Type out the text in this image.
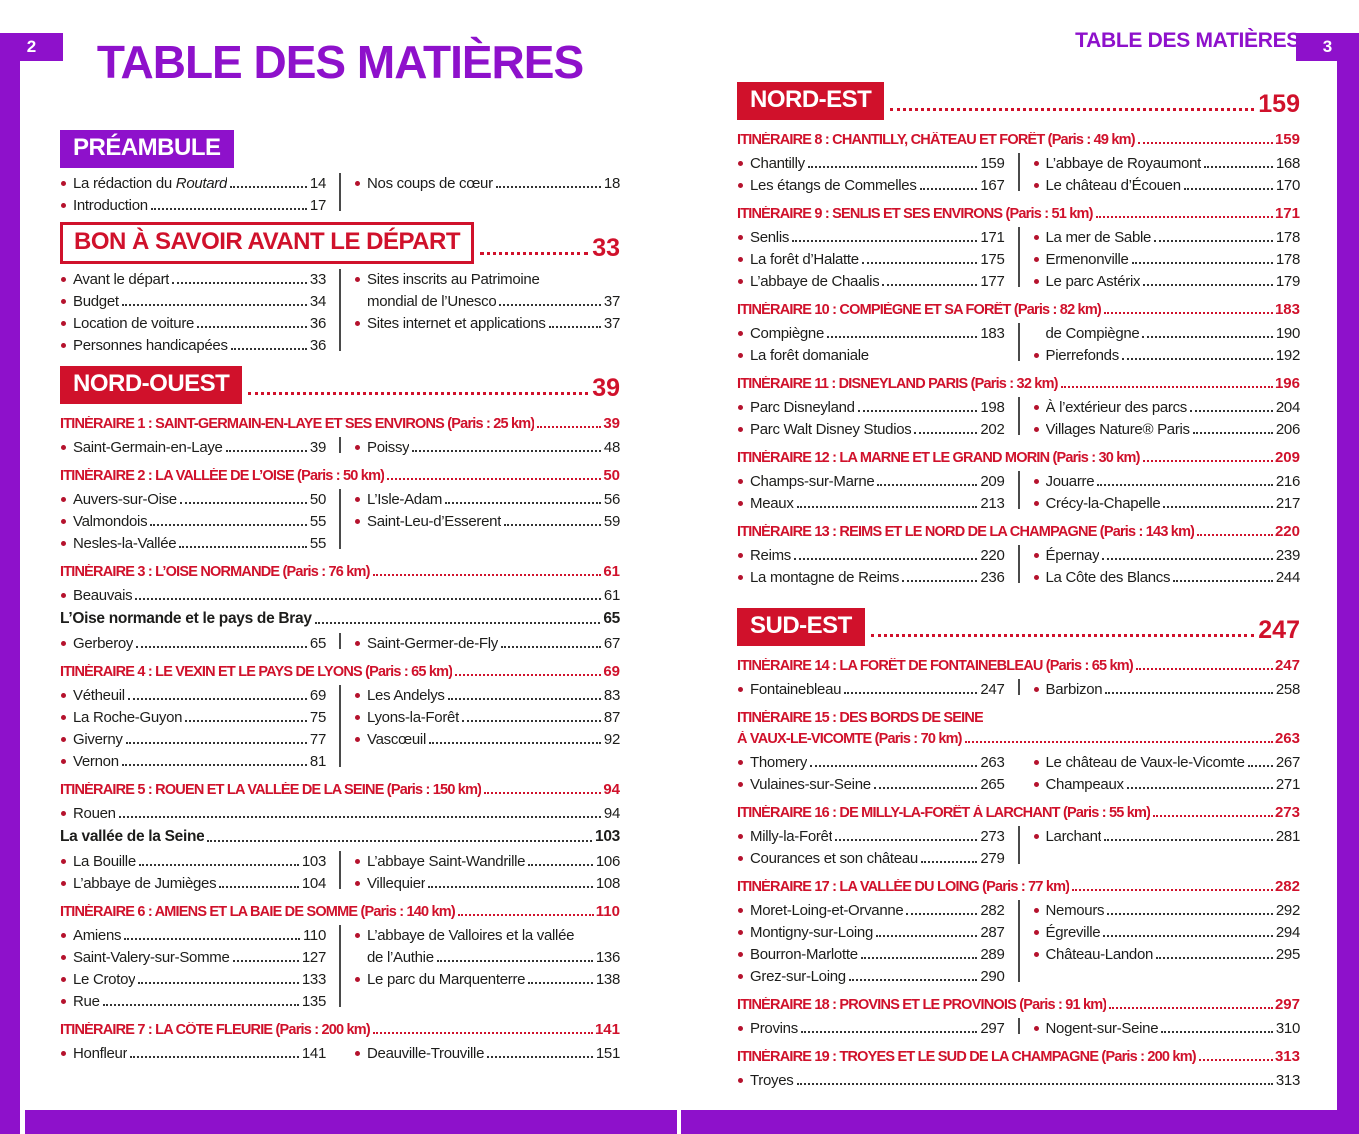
2	3
TABLE DES MATIÈRES
PRÉAMBULE
La rédaction du Routard	14
Introduction	17
Nos coups de cœur	18
BON À SAVOIR AVANT LE DÉPART	33
Avant le départ	33
Budget	34
Location de voiture	36
Personnes handicapées	36
Sites inscrits au Patrimoine
mondial de l’Unesco	37
Sites internet et applications	37
NORD-OUEST	39
ITINÉRAIRE 1 : SAINT-GERMAIN-EN-LAYE ET SES ENVIRONS (Paris : 25 km)	39
Saint-Germain-en-Laye	39	Poissy	48
ITINÉRAIRE 2 : LA VALLÉE DE L’OISE (Paris : 50 km)	50
Auvers-sur-Oise	50
Valmondois	55
Nesles-la-Vallée	55
L’Isle-Adam	56
Saint-Leu-d’Esserent	59
ITINÉRAIRE 3 : L’OISE NORMANDE (Paris : 76 km)	61
Beauvais	61
L’Oise normande et le pays de Bray	65
Gerberoy	65	Saint-Germer-de-Fly	67
ITINÉRAIRE 4 : LE VEXIN ET LE PAYS DE LYONS (Paris : 65 km)	69
Vétheuil	69
La Roche-Guyon	75
Giverny	77
Vernon	81
Les Andelys	83
Lyons-la-Forêt	87
Vascœuil	92
ITINÉRAIRE 5 : ROUEN ET LA VALLÉE DE LA SEINE (Paris : 150 km)	94
Rouen	94
La vallée de la Seine	103
La Bouille	103
L’abbaye de Jumièges	104
L’abbaye Saint-Wandrille	106
Villequier	108
ITINÉRAIRE 6 : AMIENS ET LA BAIE DE SOMME (Paris : 140 km)	110
Amiens	110
Saint-Valery-sur-Somme	127
Le Crotoy	133
Rue	135
L’abbaye de Valloires et la vallée
de l’Authie	136
Le parc du Marquenterre	138
ITINÉRAIRE 7 : LA CÔTE FLEURIE (Paris : 200 km)	141
Honfleur	141	Deauville-Trouville	151
TABLE DES MATIÈRES
NORD-EST	159
ITINÉRAIRE 8 : CHANTILLY, CHÂTEAU ET FORÊT (Paris : 49 km)	159
Chantilly	159
Les étangs de Commelles	167
L’abbaye de Royaumont	168
Le château d’Écouen	170
ITINÉRAIRE 9 : SENLIS ET SES ENVIRONS (Paris : 51 km)	171
Senlis	171
La forêt d’Halatte	175
L’abbaye de Chaalis	177
La mer de Sable	178
Ermenonville	178
Le parc Astérix	179
ITINÉRAIRE 10 : COMPIÈGNE ET SA FORÊT (Paris : 82 km)	183
Compiègne	183
La forêt domaniale
de Compiègne	190
Pierrefonds	192
ITINÉRAIRE 11 : DISNEYLAND PARIS (Paris : 32 km)	196
Parc Disneyland	198
Parc Walt Disney Studios	202
À l’extérieur des parcs	204
Villages Nature® Paris	206
ITINÉRAIRE 12 : LA MARNE ET LE GRAND MORIN (Paris : 30 km)	209
Champs-sur-Marne	209
Meaux	213
Jouarre	216
Crécy-la-Chapelle	217
ITINÉRAIRE 13 : REIMS ET LE NORD DE LA CHAMPAGNE (Paris : 143 km)	220
Reims	220
La montagne de Reims	236
Épernay	239
La Côte des Blancs	244
SUD-EST	247
ITINÉRAIRE 14 : LA FORÊT DE FONTAINEBLEAU (Paris : 65 km)	247
Fontainebleau	247	Barbizon	258
ITINÉRAIRE 15 : DES BORDS DE SEINE
À VAUX-LE-VICOMTE (Paris : 70 km)	263
Thomery	263
Vulaines-sur-Seine	265
Le château de Vaux-le-Vicomte 267
Champeaux	271
ITINÉRAIRE 16 : DE MILLY-LA-FORÊT À LARCHANT (Paris : 55 km)	273
Milly-la-Forêt	273
Courances et son château	279
Larchant	281
ITINÉRAIRE 17 : LA VALLÉE DU LOING (Paris : 77 km)	282
Moret-Loing-et-Orvanne	282
Montigny-sur-Loing	287
Bourron-Marlotte	289
Grez-sur-Loing	290
Nemours	292
Égreville	294
Château-Landon	295
ITINÉRAIRE 18 : PROVINS ET LE PROVINOIS (Paris : 91 km)	297
Provins	297	Nogent-sur-Seine	310
ITINÉRAIRE 19 : TROYES ET LE SUD DE LA CHAMPAGNE (Paris : 200 km)	313
Troyes	313
